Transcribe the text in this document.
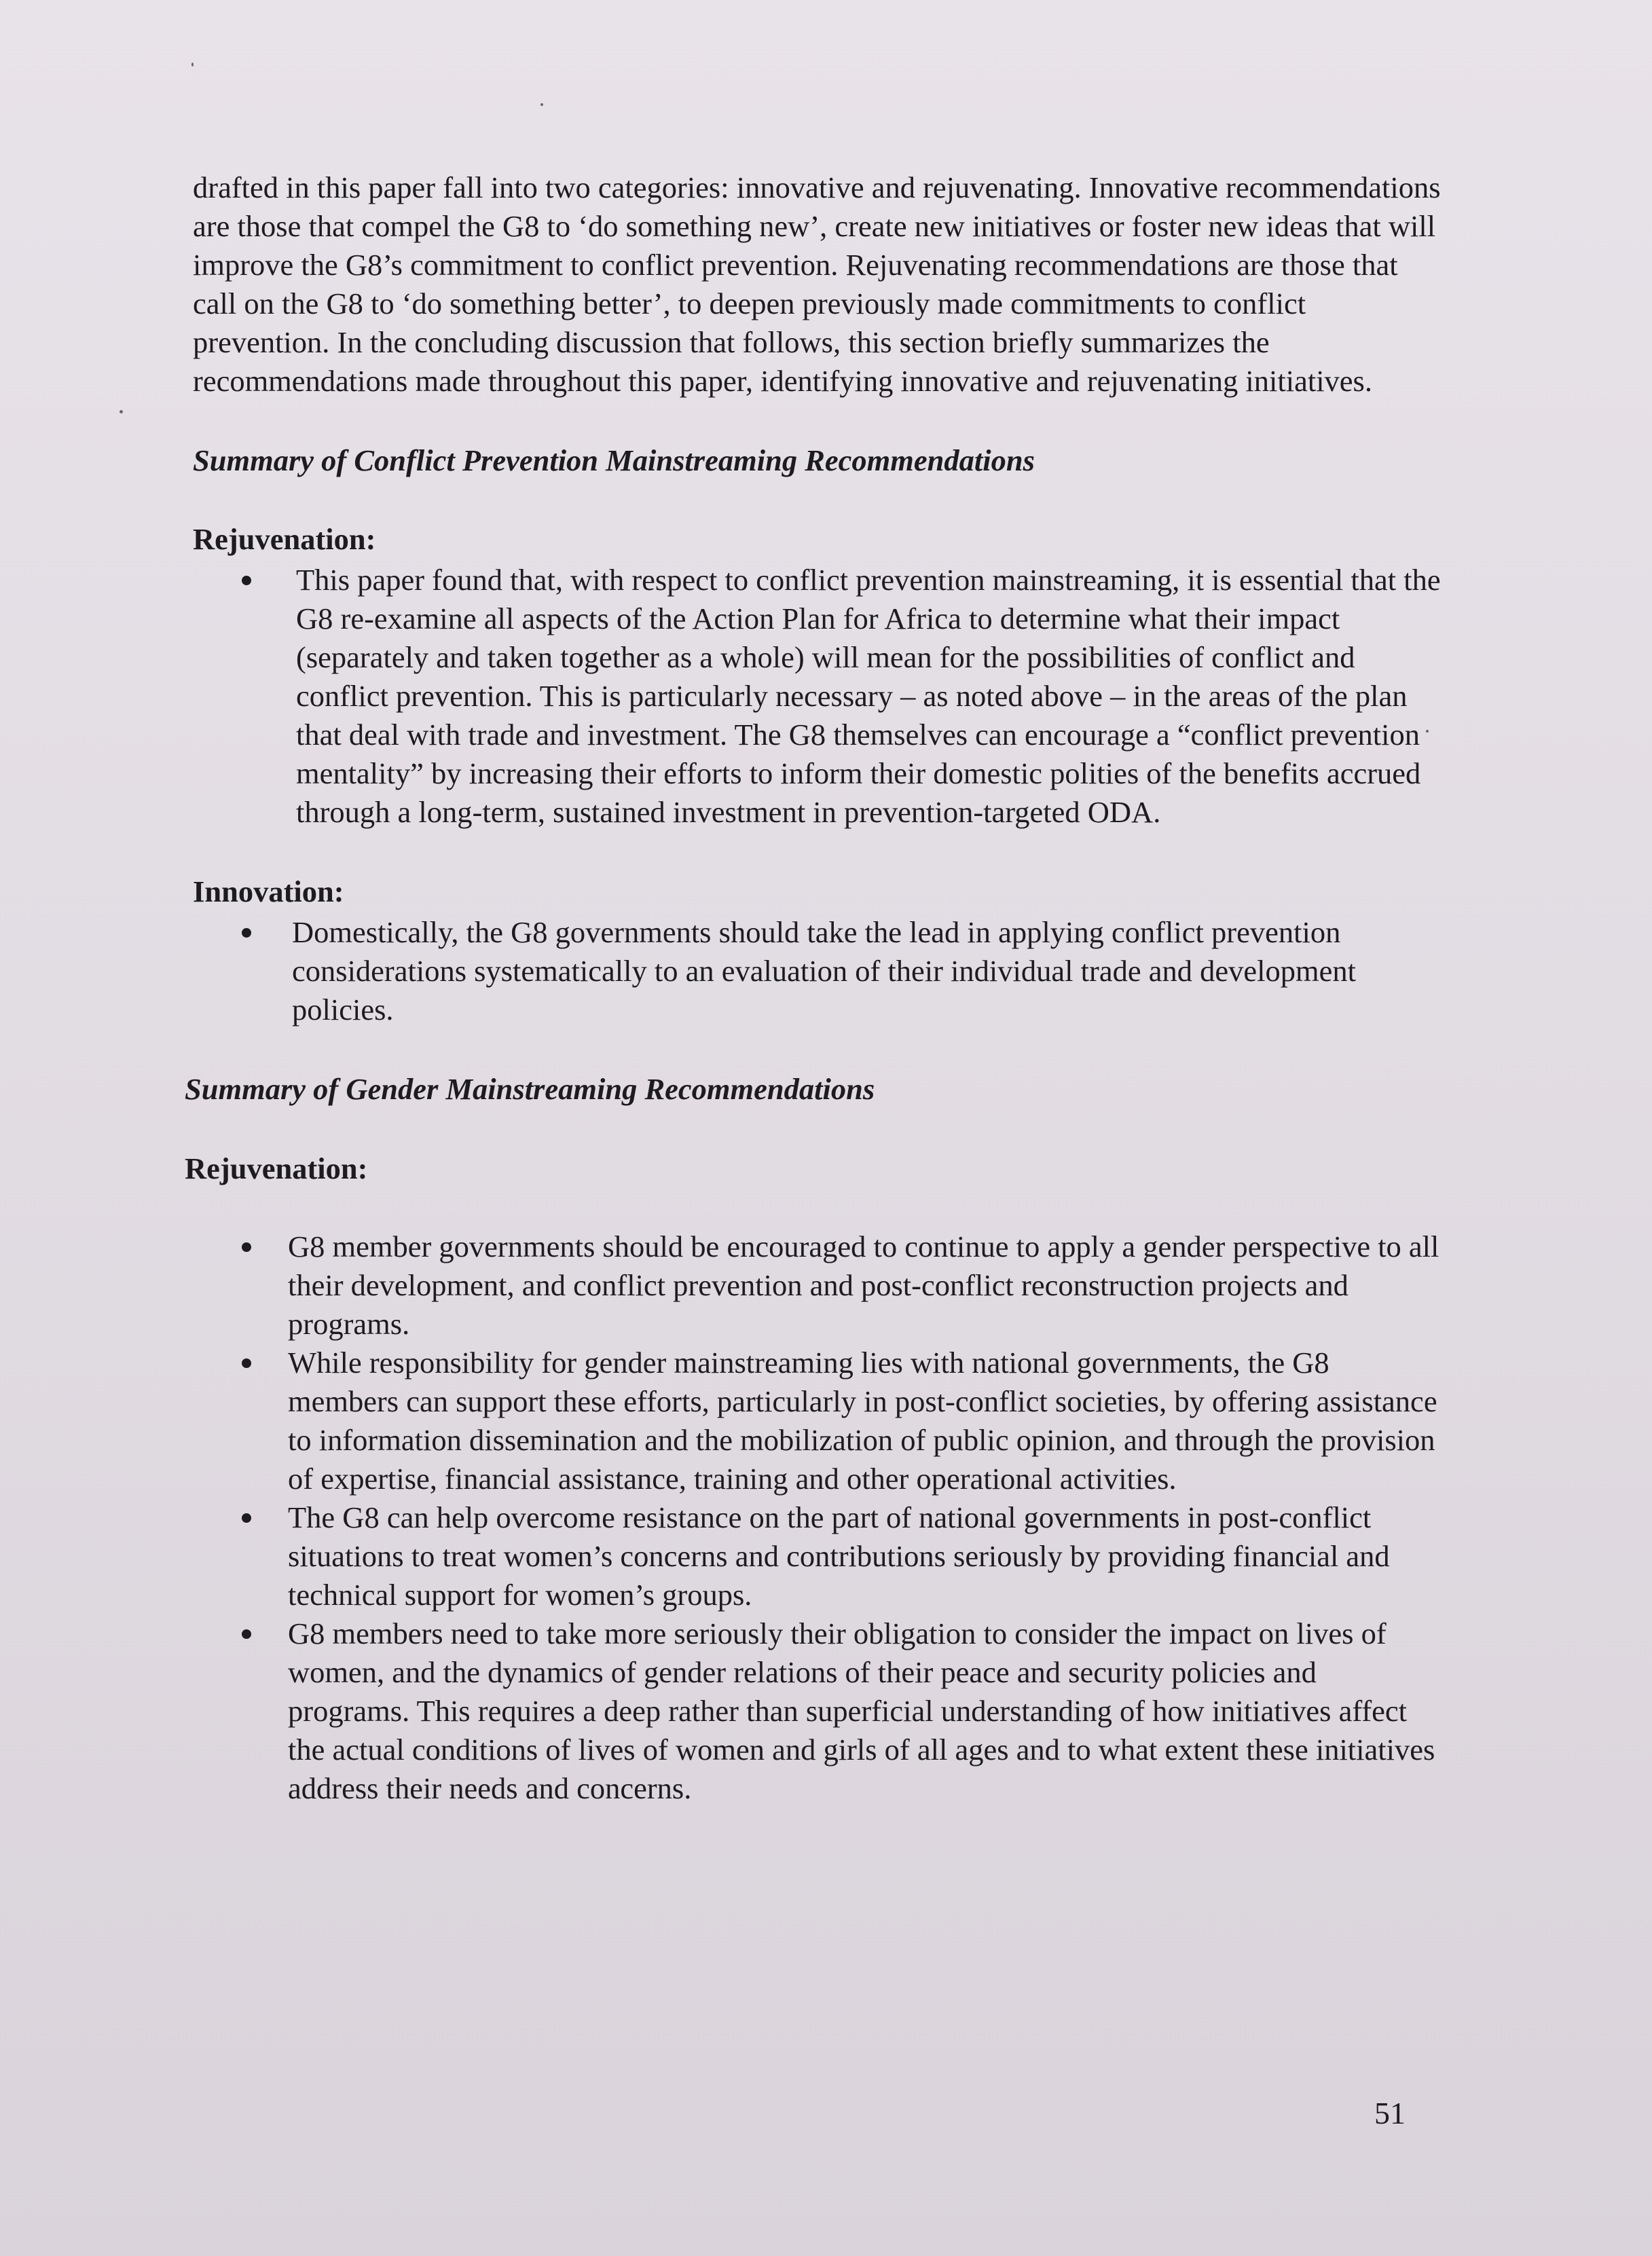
drafted in this paper fall into two categories: innovative and rejuvenating. Innovative recommendations are those that compel the G8 to ‘do something new’, create new initiatives or foster new ideas that will improve the G8’s commitment to conflict prevention. Rejuvenating recommendations are those that call on the G8 to ‘do something better’, to deepen previously made commitments to conflict prevention. In the concluding discussion that follows, this section briefly summarizes the recommendations made throughout this paper, identifying innovative and rejuvenating initiatives.

Summary of Conflict Prevention Mainstreaming Recommendations

Rejuvenation:

This paper found that, with respect to conflict prevention mainstreaming, it is essential that the G8 re-examine all aspects of the Action Plan for Africa to determine what their impact (separately and taken together as a whole) will mean for the possibilities of conflict and conflict prevention. This is particularly necessary – as noted above – in the areas of the plan that deal with trade and investment. The G8 themselves can encourage a “conflict prevention mentality” by increasing their efforts to inform their domestic polities of the benefits accrued through a long-term, sustained investment in prevention-targeted ODA.

Innovation:

Domestically, the G8 governments should take the lead in applying conflict prevention considerations systematically to an evaluation of their individual trade and development policies.

Summary of Gender Mainstreaming Recommendations

Rejuvenation:

G8 member governments should be encouraged to continue to apply a gender perspective to all their development, and conflict prevention and post-conflict reconstruction projects and programs.
While responsibility for gender mainstreaming lies with national governments, the G8 members can support these efforts, particularly in post-conflict societies, by offering assistance to information dissemination and the mobilization of public opinion, and through the provision of expertise, financial assistance, training and other operational activities.
The G8 can help overcome resistance on the part of national governments in post-conflict situations to treat women’s concerns and contributions seriously by providing financial and technical support for women’s groups.
G8 members need to take more seriously their obligation to consider the impact on lives of women, and the dynamics of gender relations of their peace and security policies and programs. This requires a deep rather than superficial understanding of how initiatives affect the actual conditions of lives of women and girls of all ages and to what extent these initiatives address their needs and concerns.
51
